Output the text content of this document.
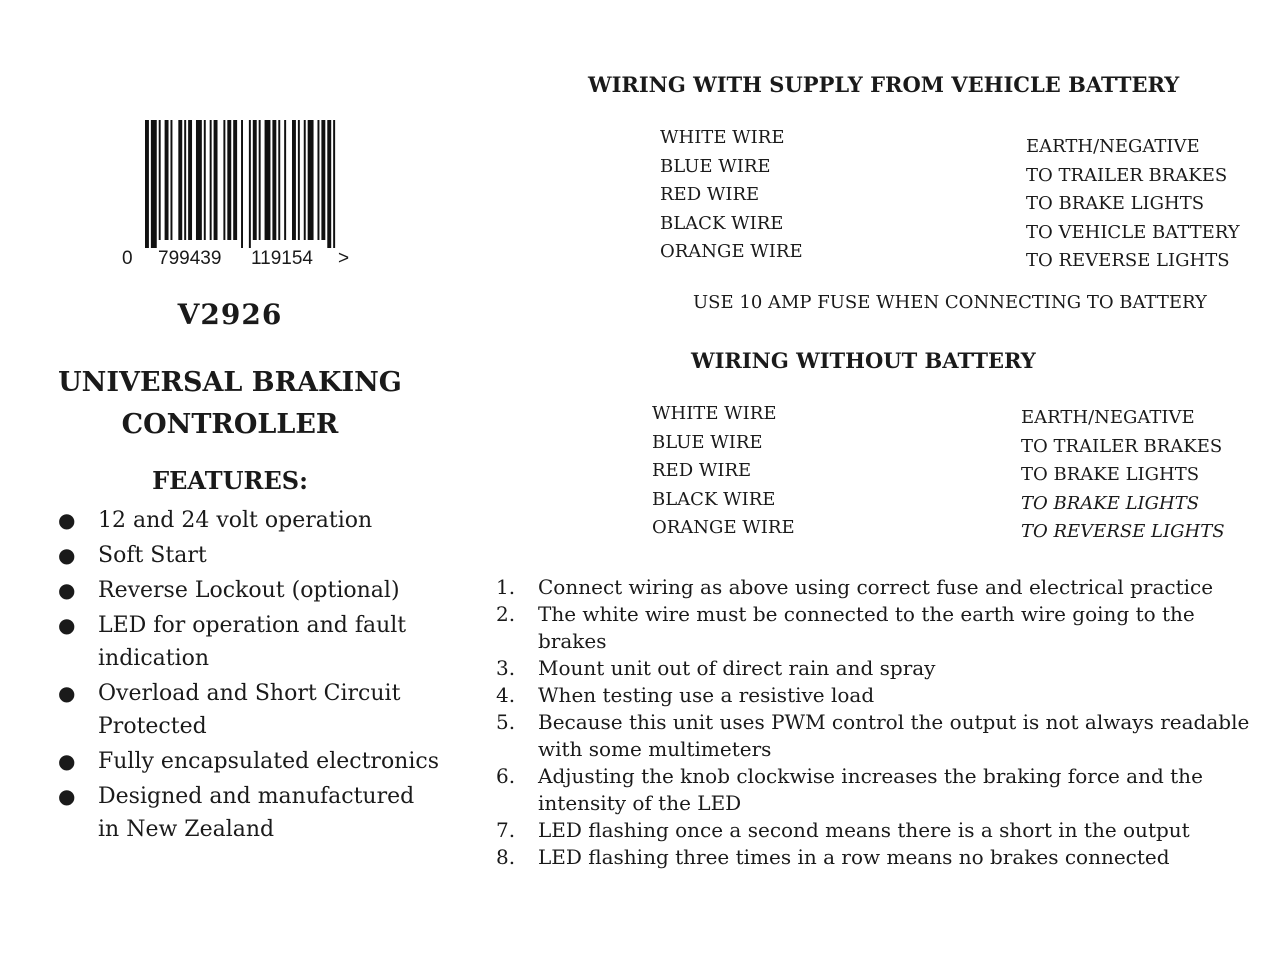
0 799439 119154 >
V2926
UNIVERSAL BRAKING
CONTROLLER
FEATURES:
● 12 and 24 volt operation
● Soft Start
● Reverse Lockout (optional)
● LED for operation and fault
indication
● Overload and Short Circuit
Protected
● Fully encapsulated electronics
● Designed and manufactured
in New Zealand
WIRING WITH SUPPLY FROM VEHICLE BATTERY
WHITE WIRE
BLUE WIRE
RED WIRE
BLACK WIRE
ORANGE WIRE
EARTH/NEGATIVE
TO TRAILER BRAKES
TO BRAKE LIGHTS
TO VEHICLE BATTERY
TO REVERSE LIGHTS
USE 10 AMP FUSE WHEN CONNECTING TO BATTERY
WIRING WITHOUT BATTERY
WHITE WIRE
BLUE WIRE
RED WIRE
BLACK WIRE
ORANGE WIRE
EARTH/NEGATIVE
TO TRAILER BRAKES
TO BRAKE LIGHTS
TO BRAKE LIGHTS
TO REVERSE LIGHTS
1. Connect wiring as above using correct fuse and electrical practice
2. The white wire must be connected to the earth wire going to the brakes
3. Mount unit out of direct rain and spray
4. When testing use a resistive load
5. Because this unit uses PWM control the output is not always readable
with some multimeters
6. Adjusting the knob clockwise increases the braking force and the
intensity of the LED
7. LED flashing once a second means there is a short in the output
8. LED flashing three times in a row means no brakes connected
